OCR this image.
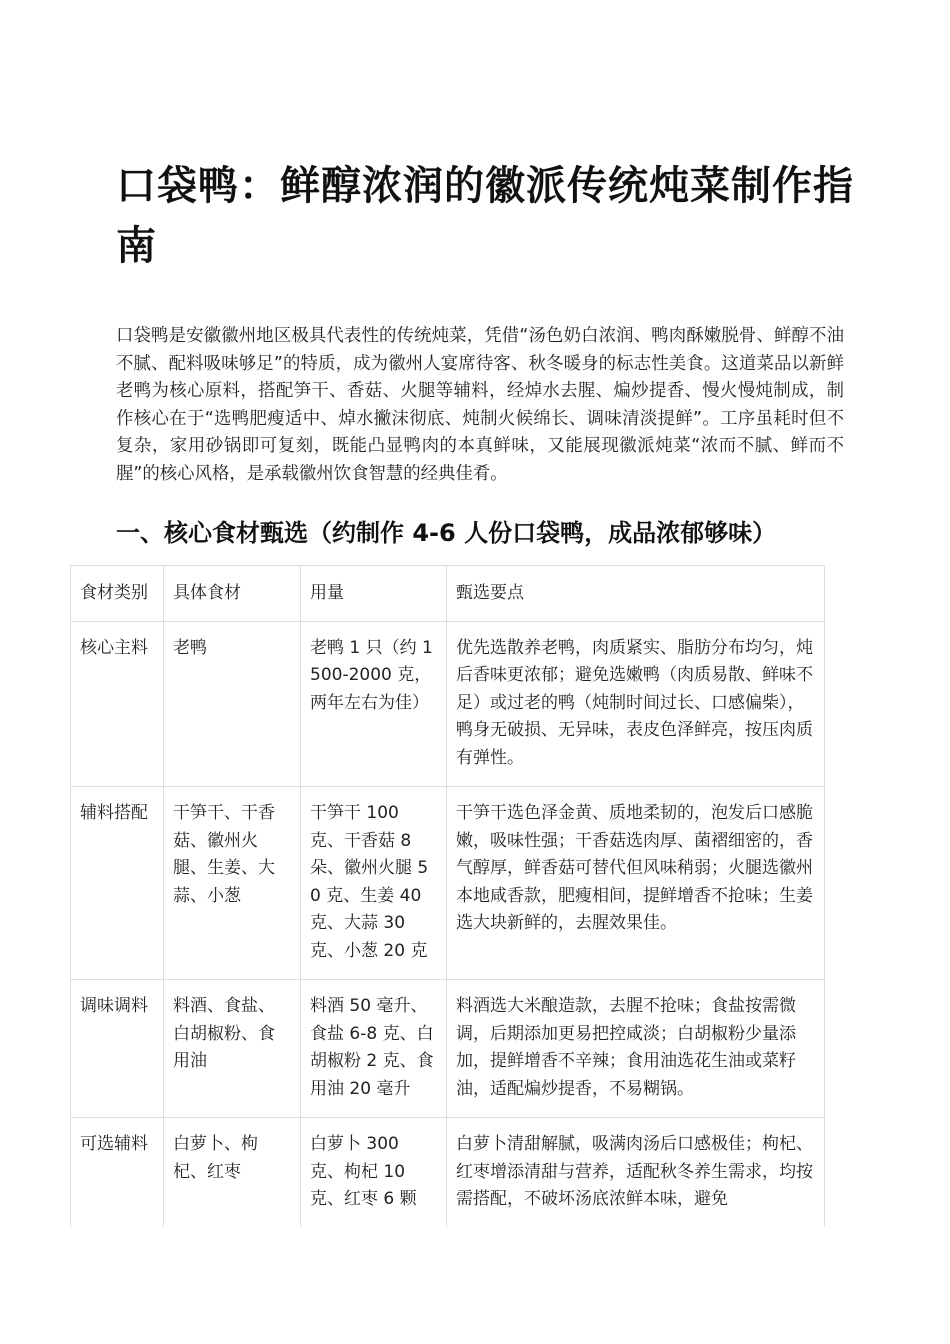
口袋鸭：鲜醇浓润的徽派传统炖菜制作指南

口袋鸭是安徽徽州地区极具代表性的传统炖菜，凭借“汤色奶白浓润、鸭肉酥嫩脱骨、鲜醇不油不腻、配料吸味够足”的特质，成为徽州人宴席待客、秋冬暖身的标志性美食。这道菜品以新鲜老鸭为核心原料，搭配笋干、香菇、火腿等辅料，经焯水去腥、煸炒提香、慢火慢炖制成，制作核心在于“选鸭肥瘦适中、焯水撇沫彻底、炖制火候绵长、调味清淡提鲜”。工序虽耗时但不复杂，家用砂锅即可复刻，既能凸显鸭肉的本真鲜味，又能展现徽派炖菜“浓而不腻、鲜而不腥”的核心风格，是承载徽州饮食智慧的经典佳肴。

一、核心食材甄选（约制作 4-6 人份口袋鸭，成品浓郁够味）
食材类别	具体食材	用量	甄选要点
核心主料	老鸭	老鸭 1 只（约 1500-2000 克，两年左右为佳）	优先选散养老鸭，肉质紧实、脂肪分布均匀，炖后香味更浓郁；避免选嫩鸭（肉质易散、鲜味不足）或过老的鸭（炖制时间过长、口感偏柴），鸭身无破损、无异味，表皮色泽鲜亮，按压肉质有弹性。
辅料搭配	干笋干、干香菇、徽州火腿、生姜、大蒜、小葱	干笋干 100 克、干香菇 8 朵、徽州火腿 50 克、生姜 40 克、大蒜 30 克、小葱 20 克	干笋干选色泽金黄、质地柔韧的，泡发后口感脆嫩，吸味性强；干香菇选肉厚、菌褶细密的，香气醇厚，鲜香菇可替代但风味稍弱；火腿选徽州本地咸香款，肥瘦相间，提鲜增香不抢味；生姜选大块新鲜的，去腥效果佳。
调味调料	料酒、食盐、白胡椒粉、食用油	料酒 50 毫升、食盐 6-8 克、白胡椒粉 2 克、食用油 20 毫升	料酒选大米酿造款，去腥不抢味；食盐按需微调，后期添加更易把控咸淡；白胡椒粉少量添加，提鲜增香不辛辣；食用油选花生油或菜籽油，适配煸炒提香，不易糊锅。
可选辅料	白萝卜、枸杞、红枣	白萝卜 300 克、枸杞 10 克、红枣 6 颗	白萝卜清甜解腻，吸满肉汤后口感极佳；枸杞、红枣增添清甜与营养，适配秋冬养生需求，均按需搭配，不破坏汤底浓鲜本味，避免
